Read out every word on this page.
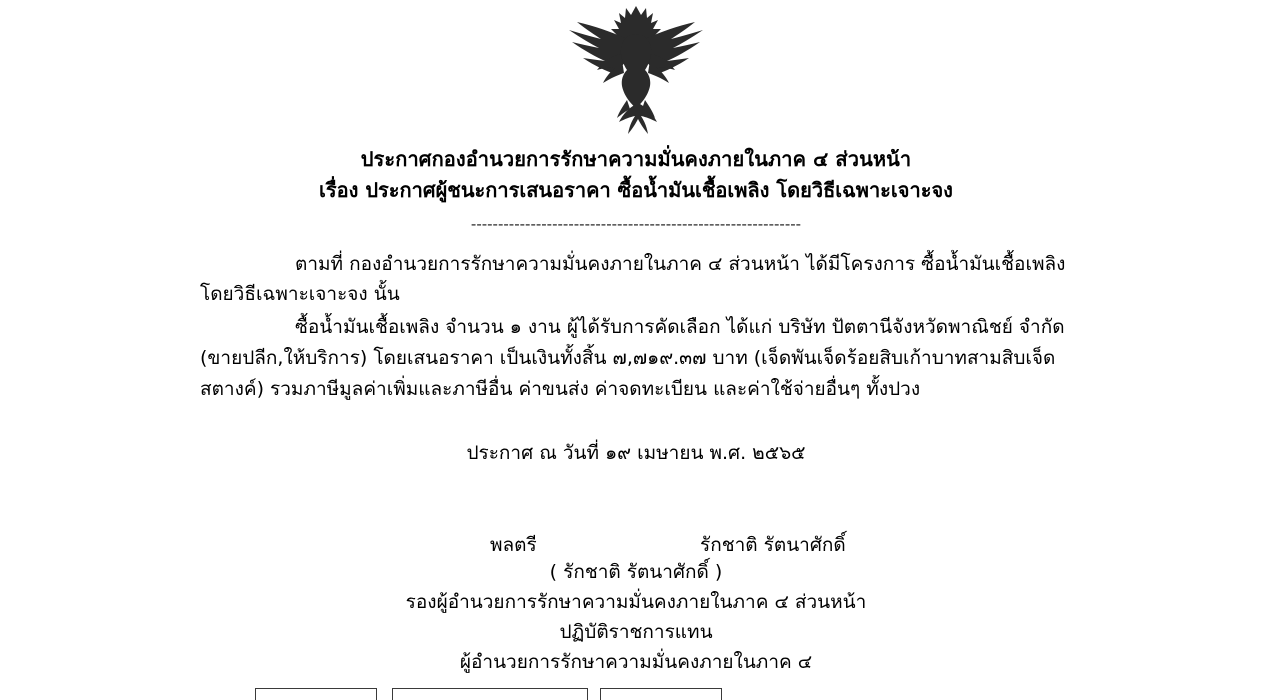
ประกาศกองอำนวยการรักษาความมั่นคงภายในภาค ๔ ส่วนหน้า
เรื่อง ประกาศผู้ชนะการเสนอราคา ซื้อน้ำมันเชื้อเพลิง โดยวิธีเฉพาะเจาะจง
-------------------------------------------------------------

ตามที่ กองอำนวยการรักษาความมั่นคงภายในภาค ๔ ส่วนหน้า ได้มีโครงการ ซื้อน้ำมันเชื้อเพลิง โดยวิธีเฉพาะเจาะจง นั้น

ซื้อน้ำมันเชื้อเพลิง จำนวน ๑ งาน ผู้ได้รับการคัดเลือก ได้แก่ บริษัท ปัตตานีจังหวัดพาณิชย์ จำกัด (ขายปลีก,ให้บริการ) โดยเสนอราคา เป็นเงินทั้งสิ้น ๗,๗๑๙.๓๗ บาท (เจ็ดพันเจ็ดร้อยสิบเก้าบาทสามสิบเจ็ดสตางค์) รวมภาษีมูลค่าเพิ่มและภาษีอื่น ค่าขนส่ง ค่าจดทะเบียน และค่าใช้จ่ายอื่นๆ ทั้งปวง

ประกาศ ณ วันที่ ๑๙ เมษายน พ.ศ. ๒๕๖๕
พลตรี	รักชาติ รัตนาศักดิ์
( รักชาติ รัตนาศักดิ์ )
รองผู้อำนวยการรักษาความมั่นคงภายในภาค ๔ ส่วนหน้า
ปฏิบัติราชการแทน
ผู้อำนวยการรักษาความมั่นคงภายในภาค ๔
